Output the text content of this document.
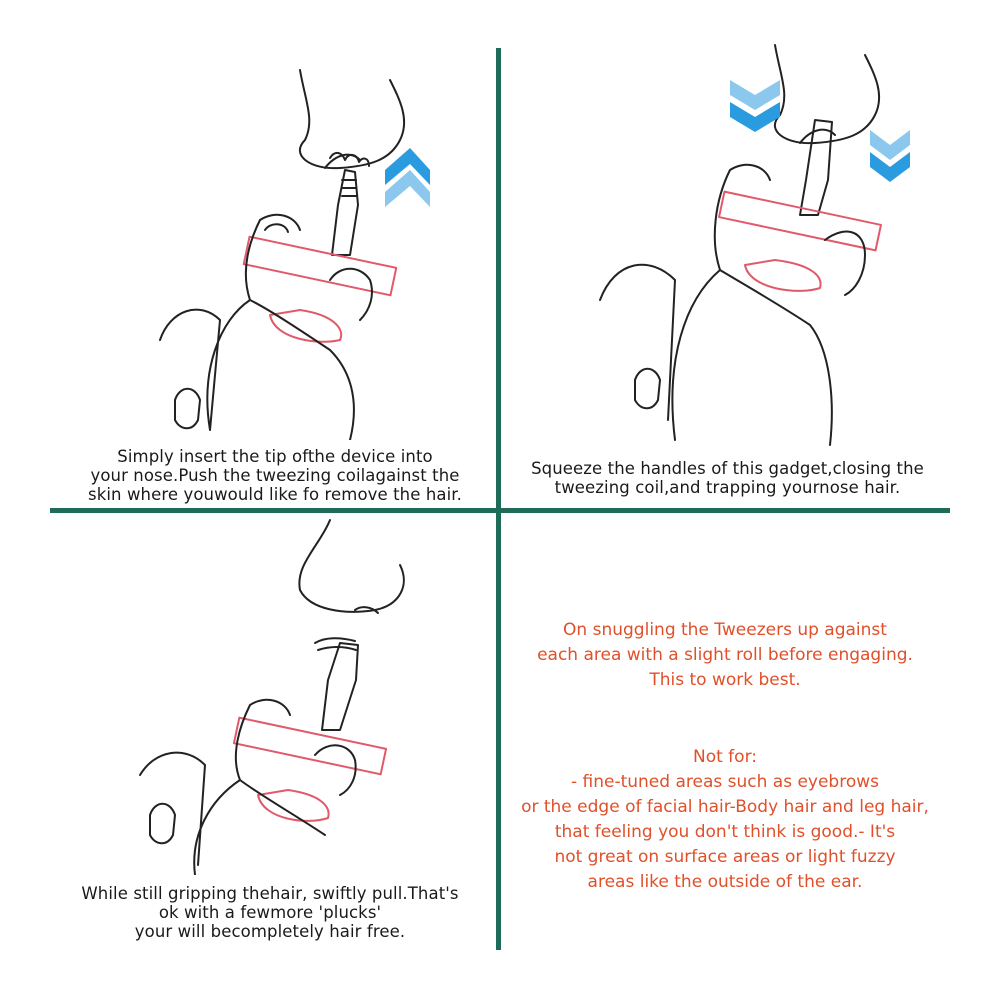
Simply insert the tip ofthe device into
your nose.Push the tweezing coilagainst the
skin where youwould like fo remove the hair.
Squeeze the handles of this gadget,closing the
tweezing coil,and trapping yournose hair.
While still gripping thehair, swiftly pull.That's
ok with a fewmore 'plucks'
your will becompletely hair free.
On snuggling the Tweezers up against
each area with a slight roll before engaging.
This to work best.
Not for:
- fine-tuned areas such as eyebrows
or the edge of facial hair-Body hair and leg hair,
that feeling you don't think is good.- It's
not great on surface areas or light fuzzy
areas like the outside of the ear.
